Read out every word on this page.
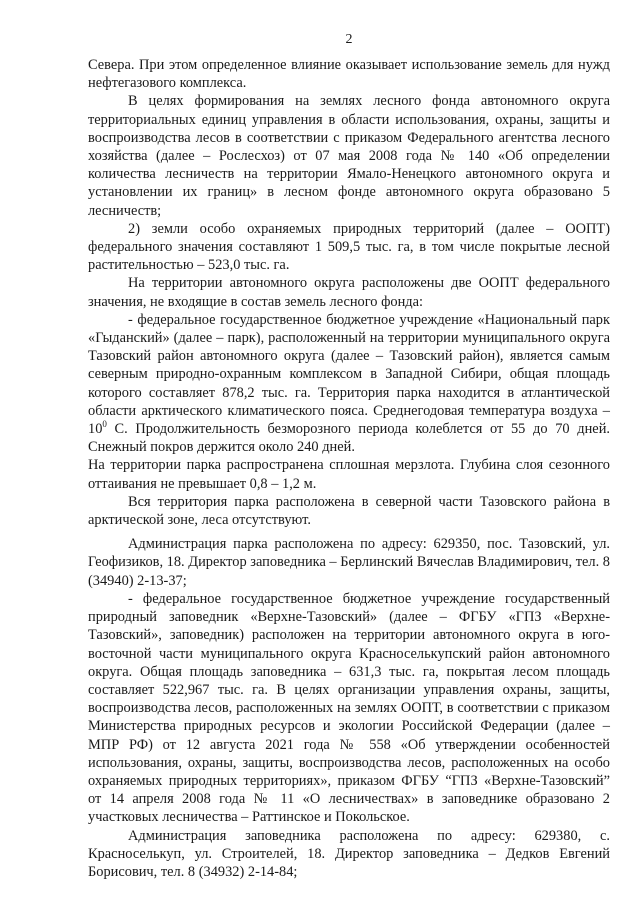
2

Севера. При этом определенное влияние оказывает использование земель для нужд нефтегазового комплекса.

В целях формирования на землях лесного фонда автономного округа территориальных единиц управления в области использования, охраны, защиты и воспроизводства лесов в соответствии с приказом Федерального агентства лесного хозяйства (далее – Рослесхоз) от 07 мая 2008 года № 140 «Об определении количества лесничеств на территории Ямало-Ненецкого автономного округа и установлении их границ» в лесном фонде автономного округа образовано 5 лесничеств;

2) земли особо охраняемых природных территорий (далее – ООПТ) федерального значения составляют 1 509,5 тыс. га, в том числе покрытые лесной растительностью – 523,0 тыс. га.

На территории автономного округа расположены две ООПТ федерального значения, не входящие в состав земель лесного фонда:

- федеральное государственное бюджетное учреждение «Национальный парк «Гыданский» (далее – парк), расположенный на территории муниципального округа Тазовский район автономного округа (далее – Тазовский район), является самым северным природно-охранным комплексом в Западной Сибири, общая площадь которого составляет 878,2 тыс. га. Территория парка находится в атлантической области арктического климатического пояса. Среднегодовая температура воздуха – $10^0$ С. Продолжительность безморозного периода колеблется от 55 до 70 дней. Снежный покров держится около 240 дней.

На территории парка распространена сплошная мерзлота. Глубина слоя сезонного оттаивания не превышает 0,8 – 1,2 м.

Вся территория парка расположена в северной части Тазовского района в арктической зоне, леса отсутствуют.

Администрация парка расположена по адресу: 629350, пос. Тазовский, ул. Геофизиков, 18. Директор заповедника – Берлинский Вячеслав Владимирович, тел. 8 (34940) 2-13-37;

- федеральное государственное бюджетное учреждение государственный природный заповедник «Верхне-Тазовский» (далее – ФГБУ «ГПЗ «Верхне-Тазовский», заповедник) расположен на территории автономного округа в юго-восточной части муниципального округа Красноселькупский район автономного округа. Общая площадь заповедника – 631,3 тыс. га, покрытая лесом площадь составляет 522,967 тыс. га. В целях организации управления охраны, защиты, воспроизводства лесов, расположенных на землях ООПТ, в соответствии с приказом Министерства природных ресурсов и экологии Российской Федерации (далее – МПР РФ) от 12 августа 2021 года № 558 «Об утверждении особенностей использования, охраны, защиты, воспроизводства лесов, расположенных на особо охраняемых природных территориях», приказом ФГБУ “ГПЗ «Верхне-Тазовский” от 14 апреля 2008 года № 11 «О лесничествах» в заповеднике образовано 2 участковых лесничества – Раттинское и Покольское.

Администрация заповедника расположена по адресу: 629380, с. Красноселькуп, ул. Строителей, 18. Директор заповедника – Дедков Евгений Борисович, тел. 8 (34932) 2-14-84;
